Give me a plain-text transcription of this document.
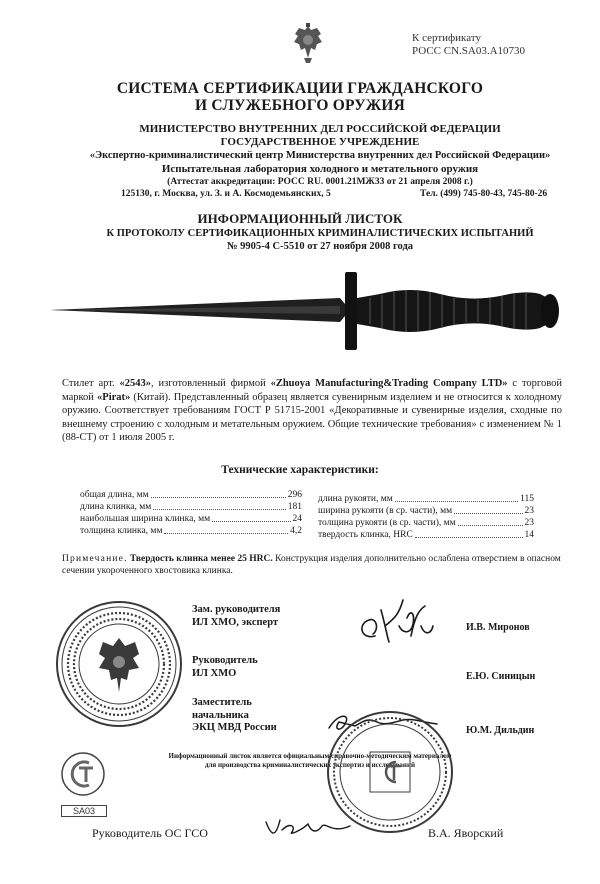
К сертификату
РОСС CN.SA03.A10730
СИСТЕМА СЕРТИФИКАЦИИ ГРАЖДАНСКОГО
И СЛУЖЕБНОГО ОРУЖИЯ
МИНИСТЕРСТВО ВНУТРЕННИХ ДЕЛ РОССИЙСКОЙ ФЕДЕРАЦИИ
ГОСУДАРСТВЕННОЕ УЧРЕЖДЕНИЕ
«Экспертно-криминалистический центр Министерства внутренних дел Российской Федерации»
Испытательная лаборатория холодного и метательного оружия
(Аттестат аккредитации: РОСС RU. 0001.21МЖ33 от 21 апреля 2008 г.)
125130, г. Москва, ул. З. и А. Космодемьянских, 5	Тел. (499) 745-80-43, 745-80-26
ИНФОРМАЦИОННЫЙ ЛИСТОК
К ПРОТОКОЛУ СЕРТИФИКАЦИОННЫХ КРИМИНАЛИСТИЧЕСКИХ ИСПЫТАНИЙ
№ 9905-4 С-5510 от 27 ноября 2008 года
Стилет арт. «2543», изготовленный фирмой «Zhuoya Manufacturing&Trading Company LTD» с торговой маркой «Pirat» (Китай). Представленный образец является сувенирным изделием и не относится к холодному оружию. Соответствует требованиям ГОСТ Р 51715-2001 «Декоративные и сувенирные изделия, сходные по внешнему строению с холодным и метательным оружием. Общие технические требования» с изменением № 1 (88-СТ) от 1 июля 2005 г.
Технические характеристики:
общая длина, мм	296
длина клинка, мм	181
наибольшая ширина клинка, мм	24
толщина клинка, мм	4,2
длина рукояти, мм	115
ширина рукояти (в ср. части), мм	23
толщина рукояти (в ср. части), мм	23
твердость клинка, HRC	14
Примечание. Твердость клинка менее 25 HRC. Конструкция изделия дополнительно ослаблена отверстием в опасном сечении укороченного хвостовика клинка.
Зам. руководителя
ИЛ ХМО, эксперт	И.В. Миронов
Руководитель
ИЛ ХМО	Е.Ю. Синицын
Заместитель
начальника
ЭКЦ МВД России	Ю.М. Дильдин
Информационный листок является официальным справочно-методическим материалом
для производства криминалистических экспертиз и исследований
SA03
Руководитель ОС ГСО	В.А. Яворский
